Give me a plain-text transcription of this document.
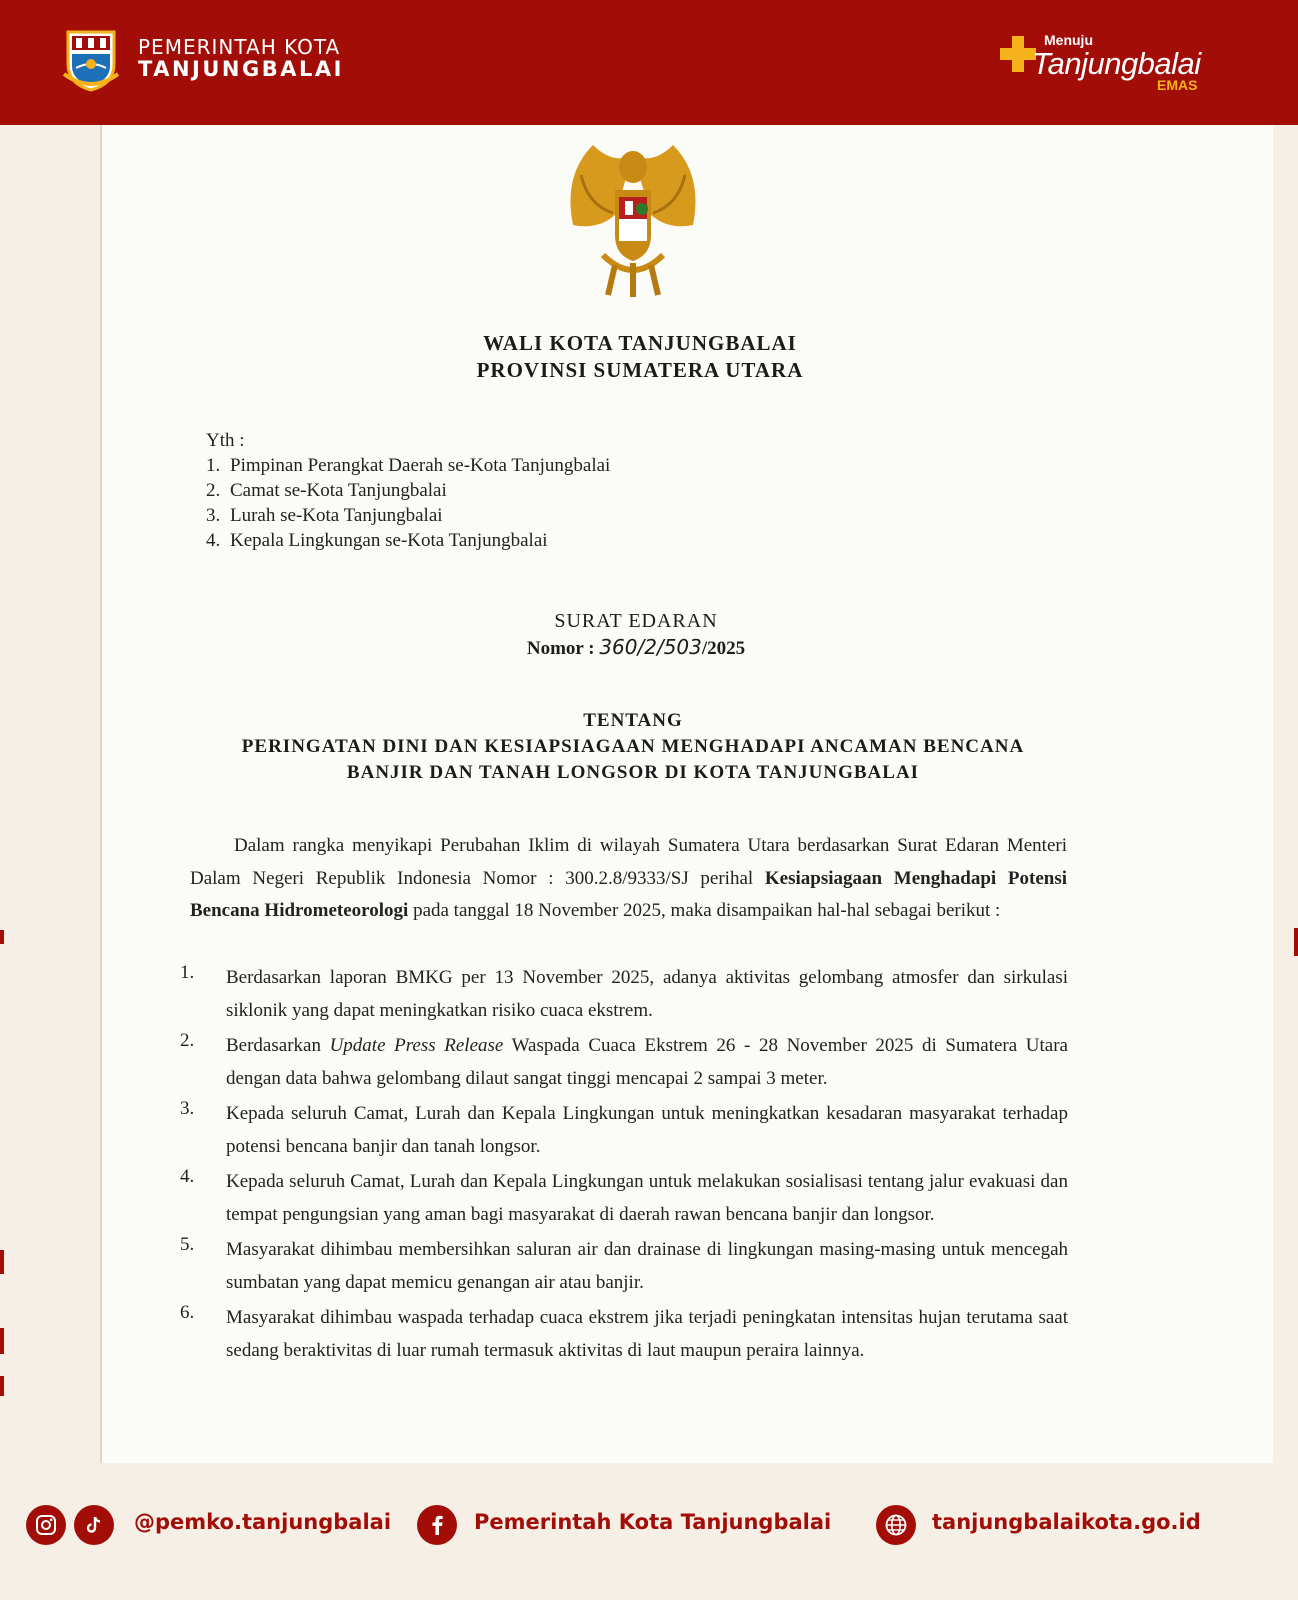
PEMERINTAH KOTA
TANJUNGBALAI
Menuju
Tanjungbalai
EMAS
WALI KOTA TANJUNGBALAI
PROVINSI SUMATERA UTARA
Yth :
1. Pimpinan Perangkat Daerah se-Kota Tanjungbalai
2. Camat se-Kota Tanjungbalai
3. Lurah se-Kota Tanjungbalai
4. Kepala Lingkungan se-Kota Tanjungbalai
SURAT EDARAN
Nomor : 360/2/503/2025
TENTANG
PERINGATAN DINI DAN KESIAPSIAGAAN MENGHADAPI ANCAMAN BENCANA
BANJIR DAN TANAH LONGSOR DI KOTA TANJUNGBALAI
Dalam rangka menyikapi Perubahan Iklim di wilayah Sumatera Utara berdasarkan Surat Edaran Menteri Dalam Negeri Republik Indonesia Nomor : 300.2.8/9333/SJ perihal Kesiapsiagaan Menghadapi Potensi Bencana Hidrometeorologi pada tanggal 18 November 2025, maka disampaikan hal-hal sebagai berikut :
1.	Berdasarkan laporan BMKG per 13 November 2025, adanya aktivitas gelombang atmosfer dan sirkulasi siklonik yang dapat meningkatkan risiko cuaca ekstrem.
2.	Berdasarkan Update Press Release Waspada Cuaca Ekstrem 26 - 28 November 2025 di Sumatera Utara dengan data bahwa gelombang dilaut sangat tinggi mencapai 2 sampai 3 meter.
3.	Kepada seluruh Camat, Lurah dan Kepala Lingkungan untuk meningkatkan kesadaran masyarakat terhadap potensi bencana banjir dan tanah longsor.
4.	Kepada seluruh Camat, Lurah dan Kepala Lingkungan untuk melakukan sosialisasi tentang jalur evakuasi dan tempat pengungsian yang aman bagi masyarakat di daerah rawan bencana banjir dan longsor.
5.	Masyarakat dihimbau membersihkan saluran air dan drainase di lingkungan masing-masing untuk mencegah sumbatan yang dapat memicu genangan air atau banjir.
6.	Masyarakat dihimbau waspada terhadap cuaca ekstrem jika terjadi peningkatan intensitas hujan terutama saat sedang beraktivitas di luar rumah termasuk aktivitas di laut maupun peraira lainnya.
@pemko.tanjungbalai	Pemerintah Kota Tanjungbalai	tanjungbalaikota.go.id
